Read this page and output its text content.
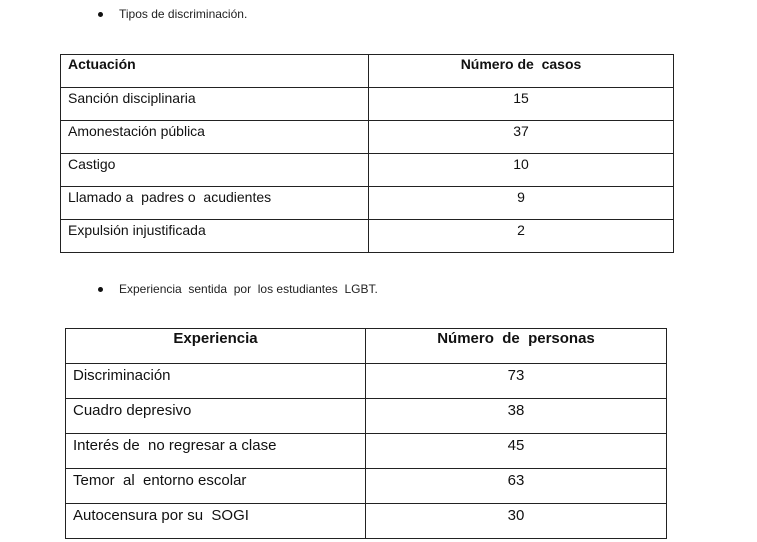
Tipos de discriminación.
Actuación	Número de  casos
Sanción disciplinaria	15
Amonestación pública	37
Castigo	10
Llamado a  padres o  acudientes	9
Expulsión injustificada	2
Experiencia  sentida  por  los estudiantes  LGBT.
Experiencia	Número  de  personas
Discriminación	73
Cuadro depresivo	38
Interés de  no regresar a clase	45
Temor  al  entorno escolar	63
Autocensura por su  SOGI	30
